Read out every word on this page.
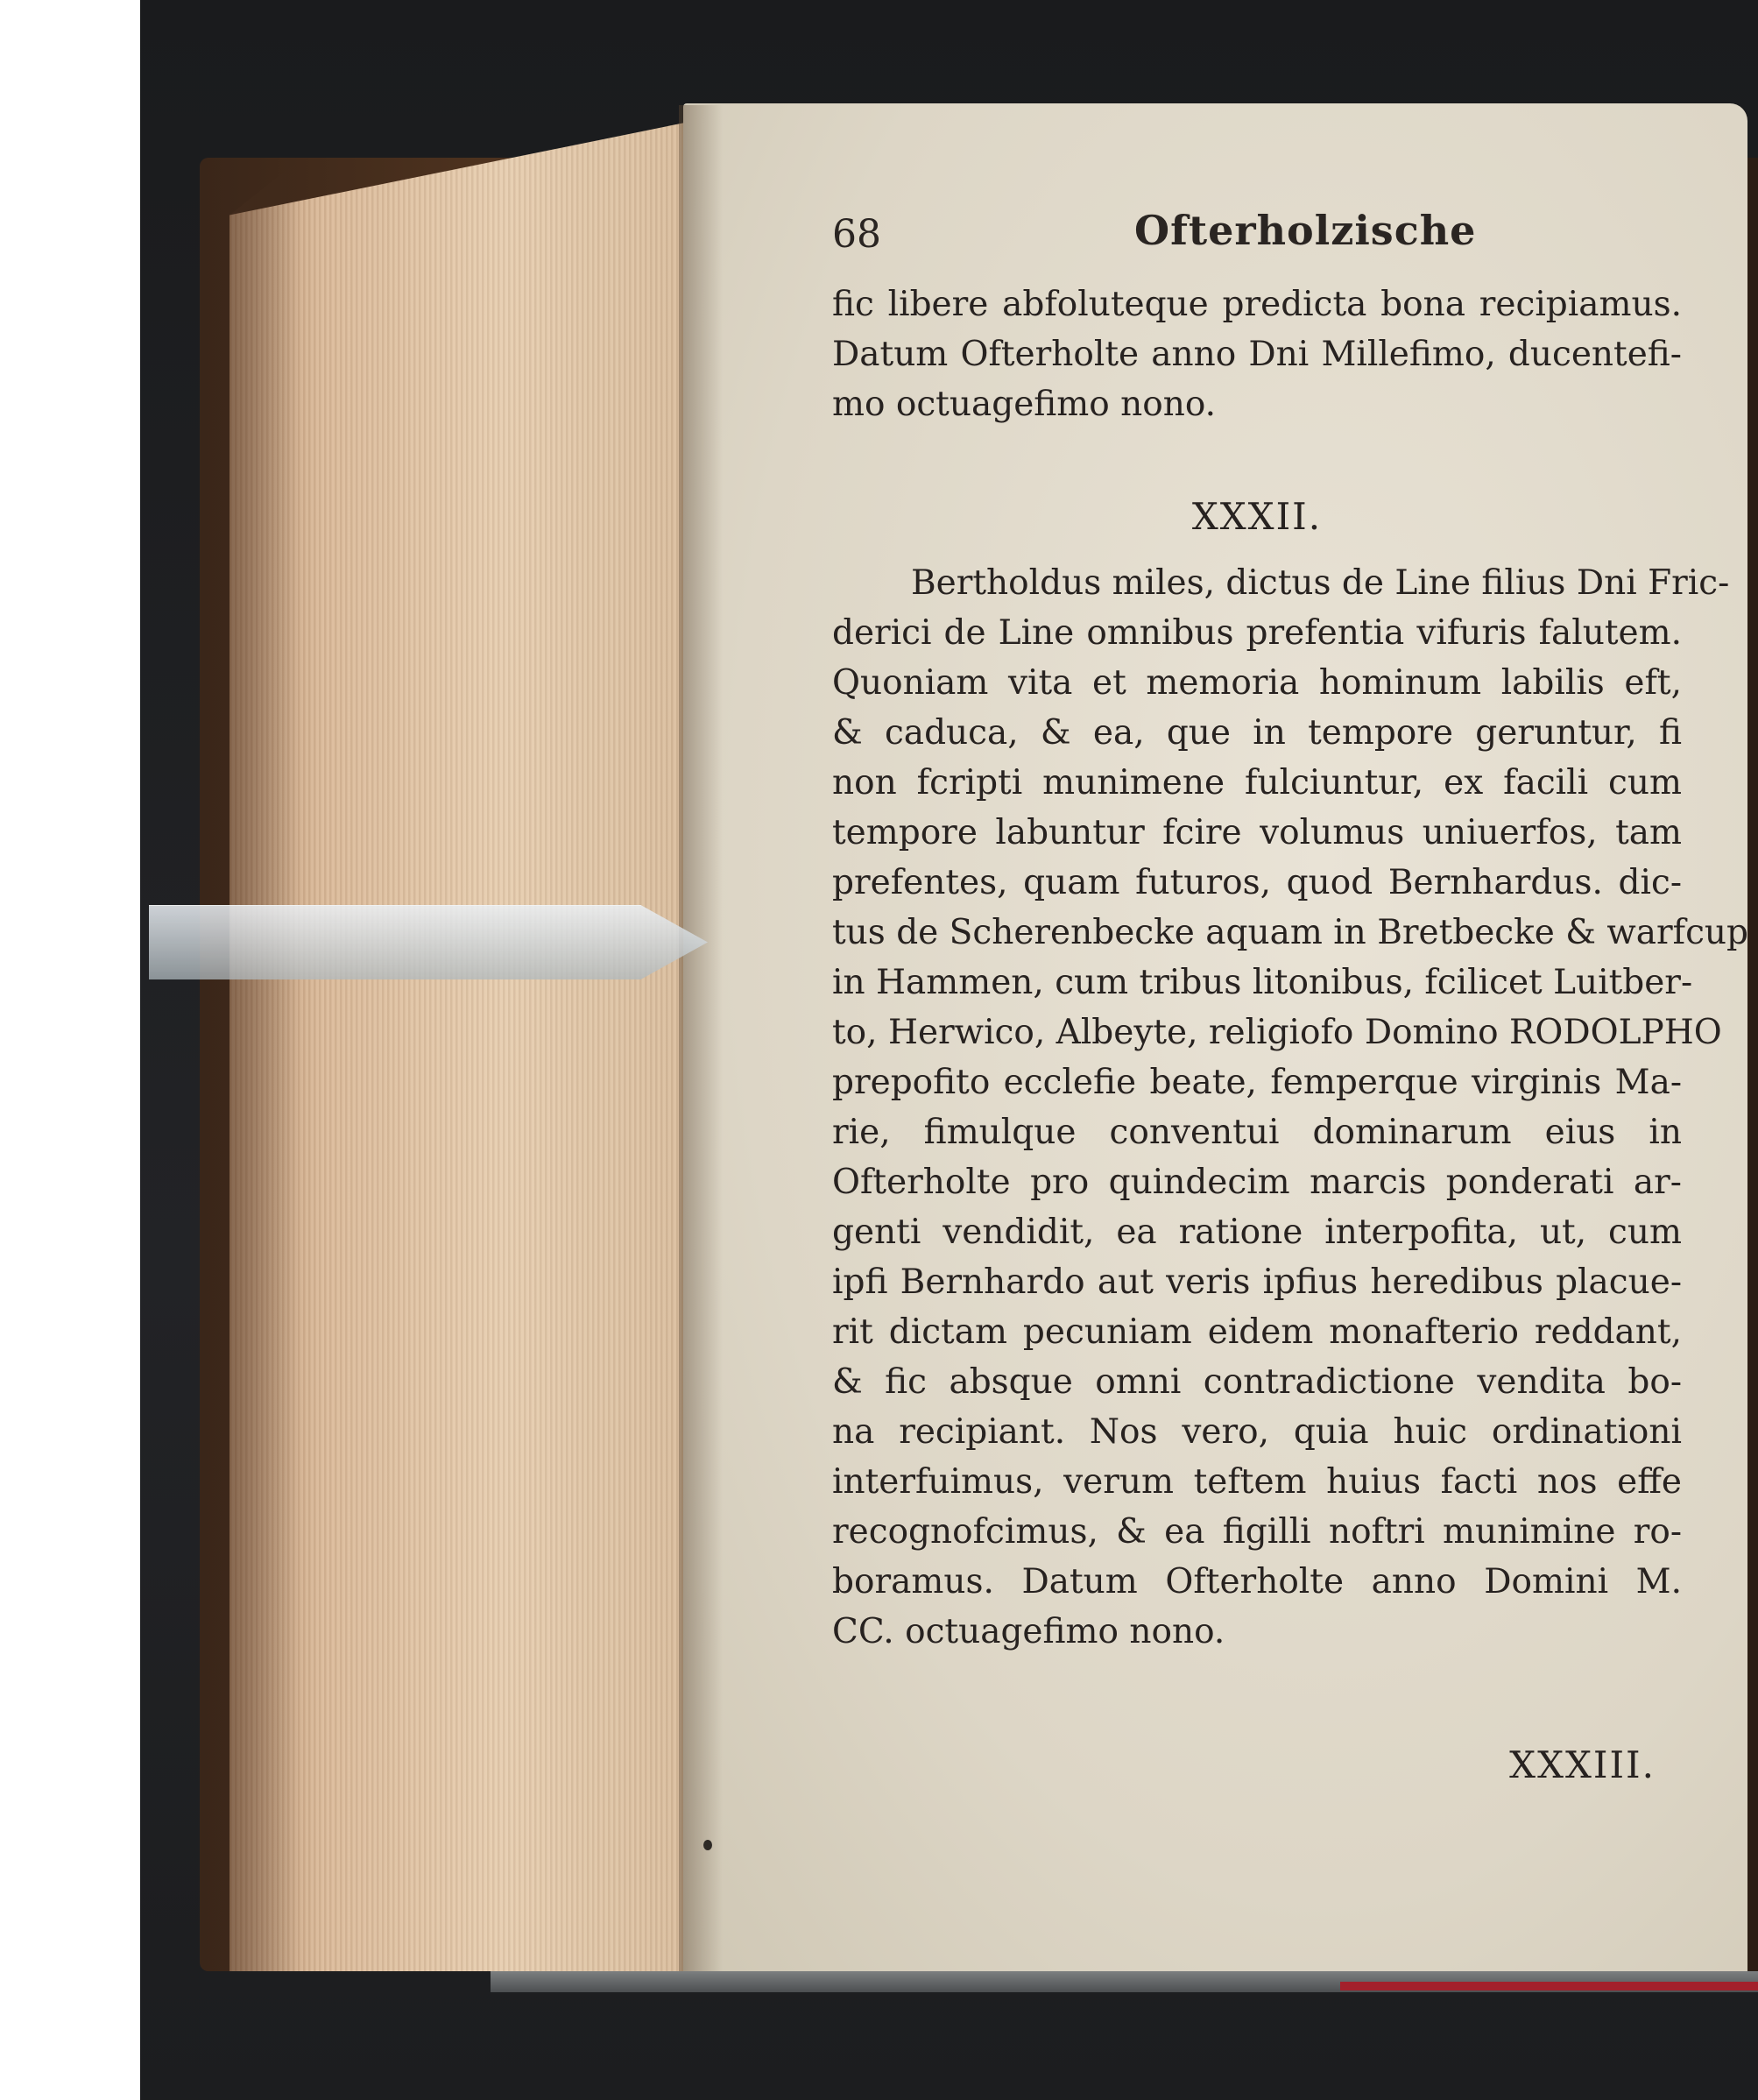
68	Ofterholzische
fic libere abfoluteque predicta bona recipiamus.
Datum Ofterholte anno Dni Millefimo, ducentefi-
mo octuagefimo nono.
XXXII.
Bertholdus miles, dictus de Line filius Dni Fric-
derici de Line omnibus prefentia vifuris falutem.
Quoniam vita et memoria hominum labilis eft,
& caduca, & ea, que in tempore geruntur, fi
non fcripti munimene fulciuntur, ex facili cum
tempore labuntur fcire volumus uniuerfos, tam
prefentes, quam futuros, quod Bernhardus. dic-
tus de Scherenbecke aquam in Bretbecke & warfcup
in Hammen, cum tribus litonibus, fcilicet Luitber-
to, Herwico, Albeyte, religiofo Domino RODOLPHO
prepofito ecclefie beate, femperque virginis Ma-
rie, fimulque conventui dominarum eius in
Ofterholte pro quindecim marcis ponderati ar-
genti vendidit, ea ratione interpofita, ut, cum
ipfi Bernhardo aut veris ipfius heredibus placue-
rit dictam pecuniam eidem monafterio reddant,
& fic absque omni contradictione vendita bo-
na recipiant. Nos vero, quia huic ordinationi
interfuimus, verum teftem huius facti nos effe
recognofcimus, & ea figilli noftri munimine ro-
boramus. Datum Ofterholte anno Domini M.
CC. octuagefimo nono.
XXXIII.
